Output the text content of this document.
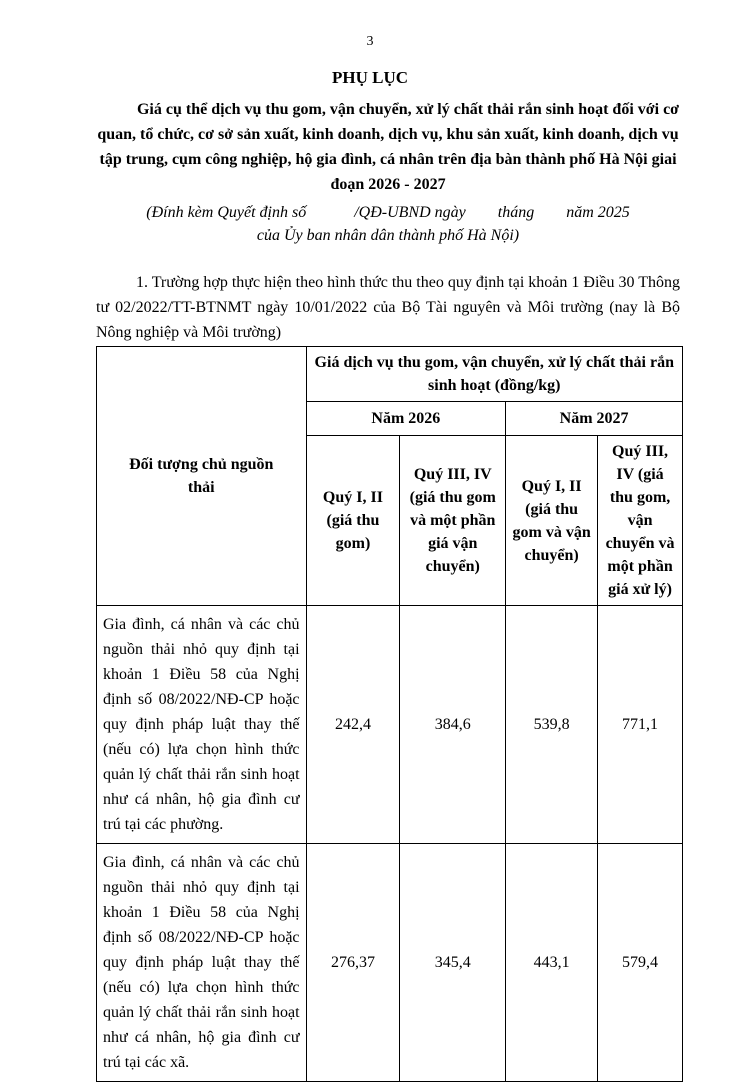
3
PHỤ LỤC
Giá cụ thể dịch vụ thu gom, vận chuyển, xử lý chất thải rắn sinh hoạt đối với cơ quan, tổ chức, cơ sở sản xuất, kinh doanh, dịch vụ, khu sản xuất, kinh doanh, dịch vụ tập trung, cụm công nghiệp, hộ gia đình, cá nhân trên địa bàn thành phố Hà Nội giai đoạn 2026 - 2027
(Đính kèm Quyết định số            /QĐ-UBND ngày        tháng        năm 2025
của Ủy ban nhân dân thành phố Hà Nội)
1. Trường hợp thực hiện theo hình thức thu theo quy định tại khoản 1 Điều 30 Thông tư 02/2022/TT-BTNMT ngày 10/01/2022 của Bộ Tài nguyên và Môi trường (nay là Bộ Nông nghiệp và Môi trường)
Đối tượng chủ nguồn thải	Giá dịch vụ thu gom, vận chuyển, xử lý chất thải rắn sinh hoạt (đồng/kg)			
	Năm 2026		Năm 2027	
	Quý I, II (giá thu gom)	Quý III, IV (giá thu gom và một phần giá vận chuyển)	Quý I, II (giá thu gom và vận chuyển)	Quý III, IV (giá thu gom, vận chuyển và một phần giá xử lý)
Gia đình, cá nhân và các chủ nguồn thải nhỏ quy định tại khoản 1 Điều 58 của Nghị định số 08/2022/NĐ-CP hoặc quy định pháp luật thay thế (nếu có) lựa chọn hình thức quản lý chất thải rắn sinh hoạt như cá nhân, hộ gia đình cư trú tại các phường.	242,4	384,6	539,8	771,1
Gia đình, cá nhân và các chủ nguồn thải nhỏ quy định tại khoản 1 Điều 58 của Nghị định số 08/2022/NĐ-CP hoặc quy định pháp luật thay thế (nếu có) lựa chọn hình thức quản lý chất thải rắn sinh hoạt như cá nhân, hộ gia đình cư trú tại các xã.	276,37	345,4	443,1	579,4
